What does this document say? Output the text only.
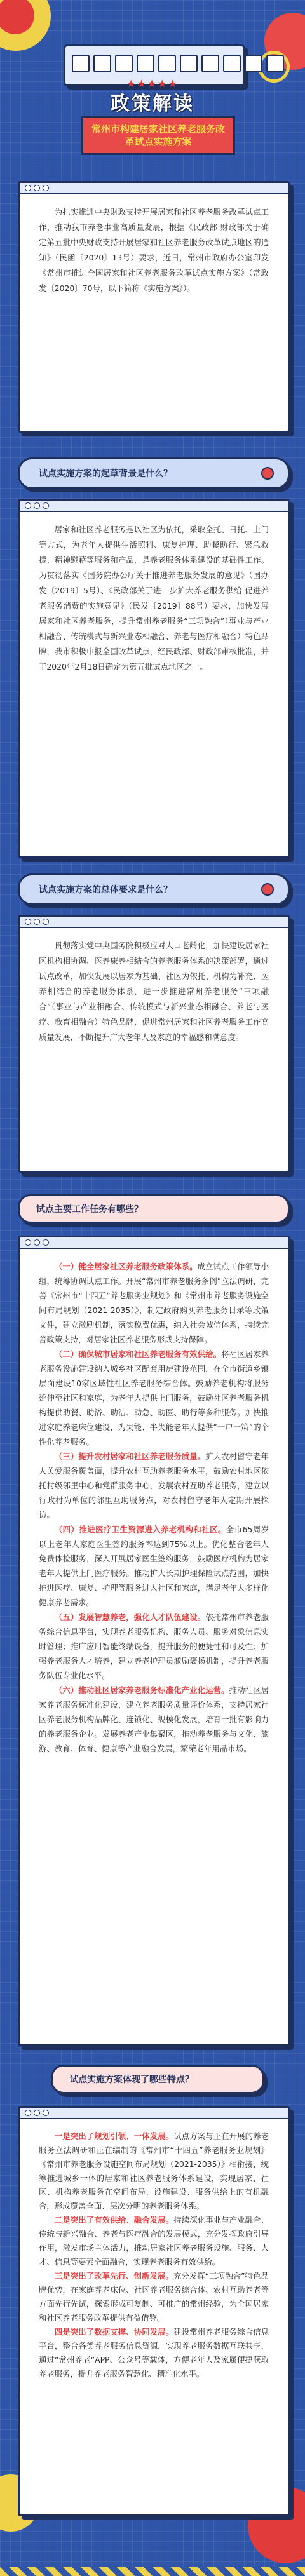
★★★★★
政策解读
常州市构建居家社区养老服务改革试点实施方案

为扎实推进中央财政支持开展居家和社区养老服务改革试点工作，推动我市养老事业高质量发展，根据《民政部 财政部关于确定第五批中央财政支持开展居家和社区养老服务改革试点地区的通知》（民函〔2020〕13号）要求，近日，常州市政府办公室印发《常州市推进全国居家和社区养老服务改革试点实施方案》（常政发〔2020〕70号，以下简称《实施方案》）。

试点实施方案的起草背景是什么？

居家和社区养老服务是以社区为依托，采取全托、日托、上门等方式，为老年人提供生活照料、康复护理、助餐助行、紧急救援、精神慰藉等服务和产品，是养老服务体系建设的基础性工作。为贯彻落实《国务院办公厅关于推进养老服务发展的意见》（国办发〔2019〕5号）、《民政部关于进一步扩大养老服务供给 促进养老服务消费的实施意见》（民发〔2019〕88号）要求，加快发展居家和社区养老服务，提升常州养老服务“三项融合”（事业与产业相融合、传统模式与新兴业态相融合、养老与医疗相融合）特色品牌，我市积极申报全国改革试点，经民政部、财政部审核批准，并于2020年2月18日确定为第五批试点地区之一。

试点实施方案的总体要求是什么？

贯彻落实党中央国务院积极应对人口老龄化，加快建设居家社区机构相协调、医养康养相结合的养老服务体系的决策部署，通过试点改革，加快发展以居家为基础、社区为依托、机构为补充、医养相结合的养老服务体系，进一步推进常州养老服务“三项融合”（事业与产业相融合、传统模式与新兴业态相融合、养老与医疗、教育相融合）特色品牌，促进常州居家和社区养老服务工作高质量发展，不断提升广大老年人及家庭的幸福感和满意度。

试点主要工作任务有哪些？

（一）健全居家社区养老服务政策体系。成立试点工作领导小组，统筹协调试点工作。开展“常州市养老服务条例”立法调研，完善《常州市“十四五”养老服务业规划》和《常州市养老服务设施空间布局规划（2021-2035）》，制定政府购买养老服务目录等政策文件，建立激励机制，落实税费优惠，纳入社会诚信体系，持续完善政策支持，对居家社区养老服务形成支持保障。

（二）确保城市居家和社区养老服务有效供给。将社区居家养老服务设施建设纳入城乡社区配套用房建设范围，在全市街道乡镇层面建设10家区域性社区养老服务综合体。鼓励养老机构将服务延伸至社区和家庭，为老年人提供上门服务，鼓励社区养老服务机构提供助餐、助浴、助洁、助急、助医、助行等多种服务。加快推进家庭养老床位建设，为失能、半失能老年人提供“一户一策”的个性化养老服务。

（三）提升农村居家和社区养老服务质量。扩大农村留守老年人关爱服务覆盖面，提升农村互助养老服务水平，鼓励农村地区依托村级邻里中心和党群服务中心，发展农村互助养老服务，建立以行政村为单位的邻里互助服务点，对农村留守老年人定期开展探访。

（四）推进医疗卫生资源进入养老机构和社区。全市65周岁以上老年人家庭医生签约服务率达到75%以上。优化整合老年人免费体检服务，深入开展居家医生签约服务，鼓励医疗机构为居家老年人提供上门医疗服务。推动扩大长期护理保险试点范围，加快推进医疗、康复、护理等服务进入社区和家庭，满足老年人多样化健康养老需求。

（五）发展智慧养老，强化人才队伍建设。依托常州市养老服务综合信息平台，实现养老服务机构、服务人员、服务对象信息实时管理；推广应用智能终端设备，提升服务的便捷性和可及性；加强养老服务人才培养，建立养老护理员激励褒扬机制，提升养老服务队伍专业化水平。

（六）推动社区居家养老服务标准化产业化运营。推动社区居家养老服务标准化建设，建立养老服务质量评价体系，支持居家社区养老服务机构品牌化、连锁化、规模化发展，培育一批有影响力的养老服务企业。发展养老产业集聚区，推动养老服务与文化、旅游、教育、体育、健康等产业融合发展，繁荣老年用品市场。

试点实施方案体现了哪些特点？

一是突出了规划引领、一体发展。试点方案与正在开展的养老服务立法调研和正在编制的《常州市“十四五”养老服务业规划》《常州市养老服务设施空间布局规划（2021-2035）》相衔接，统筹推进城乡一体的居家和社区养老服务体系建设，实现居家、社区、机构养老服务在空间布局、设施建设、服务供给上的有机融合，形成覆盖全面、层次分明的养老服务体系。

二是突出了有效供给、融合发展。持续深化事业与产业融合、传统与新兴融合、养老与医疗融合的发展模式，充分发挥政府引导作用，激发市场主体活力，推动居家社区养老服务设施、服务、人才、信息等要素全面融合，实现养老服务有效供给。

三是突出了改革先行、创新发展。充分发挥“三项融合”特色品牌优势，在家庭养老床位、社区养老服务综合体、农村互助养老等方面先行先试，探索形成可复制、可推广的常州经验，为全国居家和社区养老服务改革提供有益借鉴。

四是突出了数据支撑、协同发展。建设常州养老服务综合信息平台，整合各类养老服务信息资源，实现养老服务数据互联共享，通过“常州养老”APP、公众号等载体，方便老年人及家属便捷获取养老服务，提升养老服务智慧化、精准化水平。
